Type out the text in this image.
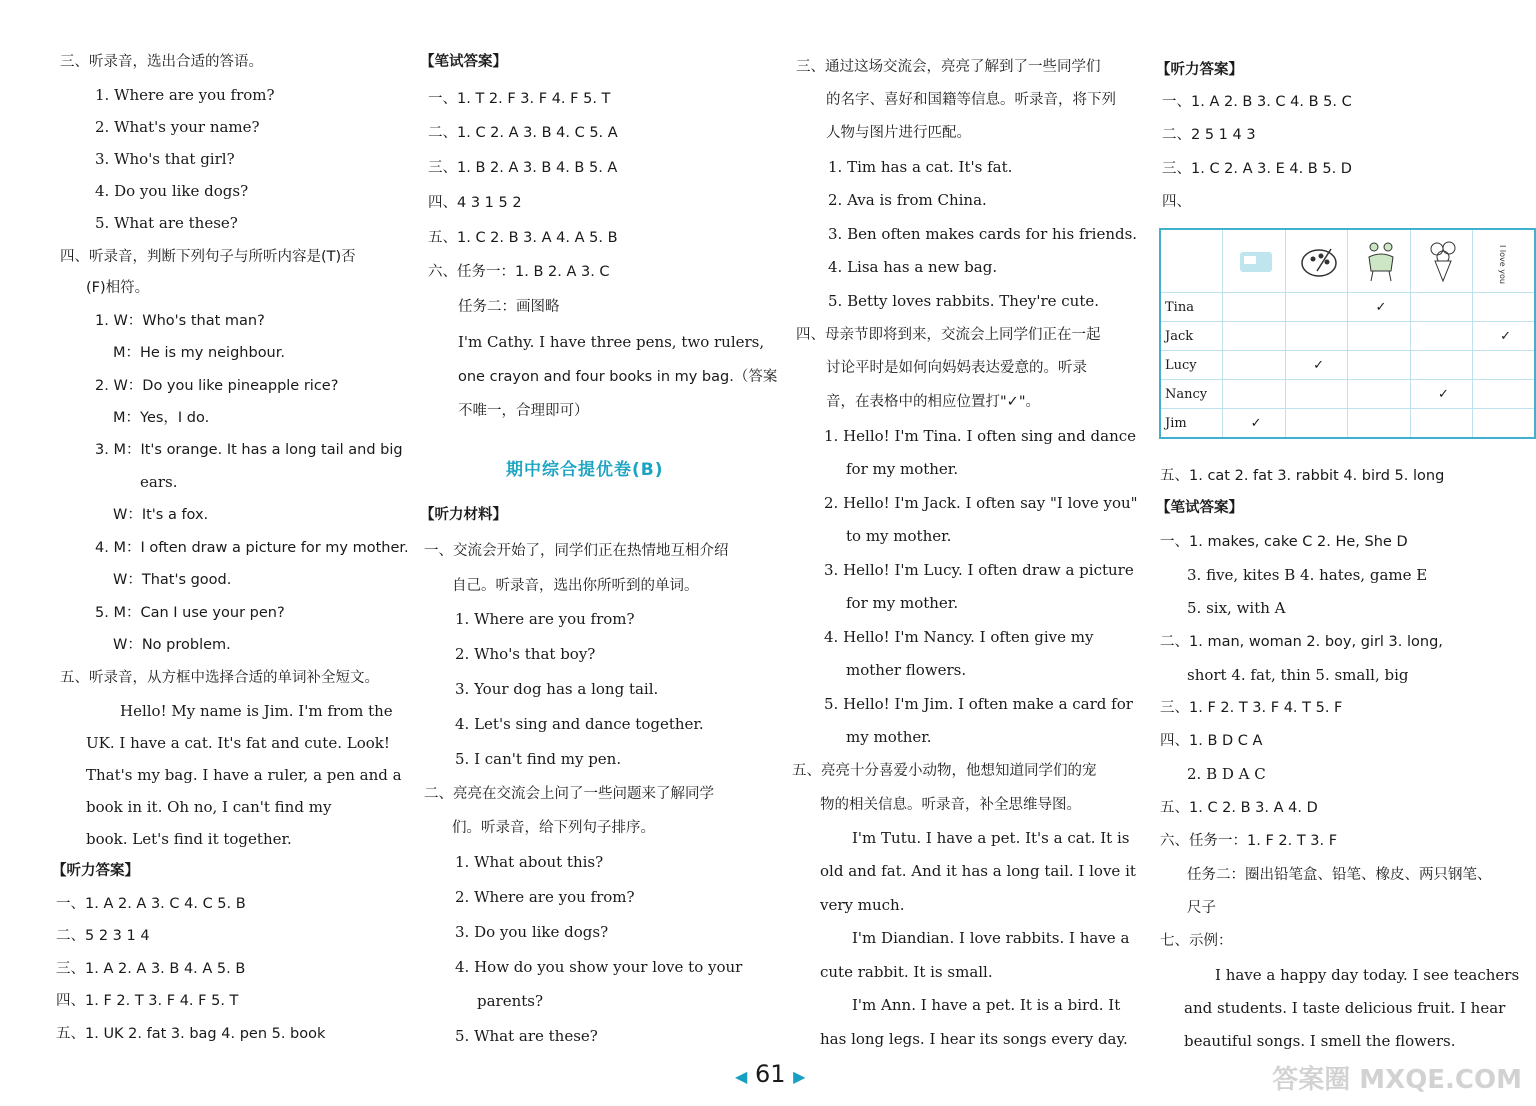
三、听录音，选出合适的答语。
1. Where are you from?
2. What's your name?
3. Who's that girl?
4. Do you like dogs?
5. What are these?
四、听录音，判断下列句子与所听内容是(T)否
(F)相符。
1. W：Who's that man?
M：He is my neighbour.
2. W：Do you like pineapple rice?
M：Yes，I do.
3. M：It's orange. It has a long tail and big
ears.
W：It's a fox.
4. M：I often draw a picture for my mother.
W：That's good.
5. M：Can I use your pen?
W：No problem.
五、听录音，从方框中选择合适的单词补全短文。
Hello! My name is Jim. I'm from the
UK. I have a cat. It's fat and cute. Look!
That's my bag. I have a ruler, a pen and a
book in it. Oh no, I can't find my
book. Let's find it together.
【听力答案】
一、1. A 2. A 3. C 4. C 5. B
二、5 2 3 1 4
三、1. A 2. A 3. B 4. A 5. B
四、1. F 2. T 3. F 4. F 5. T
五、1. UK 2. fat 3. bag 4. pen 5. book
【笔试答案】
一、1. T 2. F 3. F 4. F 5. T
二、1. C 2. A 3. B 4. C 5. A
三、1. B 2. A 3. B 4. B 5. A
四、4 3 1 5 2
五、1. C 2. B 3. A 4. A 5. B
六、任务一：1. B 2. A 3. C
任务二：画图略
I'm Cathy. I have three pens, two rulers,
one crayon and four books in my bag.（答案
不唯一，合理即可）
【听力材料】
一、交流会开始了，同学们正在热情地互相介绍
自己。听录音，选出你所听到的单词。
1. Where are you from?
2. Who's that boy?
3. Your dog has a long tail.
4. Let's sing and dance together.
5. I can't find my pen.
二、亮亮在交流会上问了一些问题来了解同学
们。听录音，给下列句子排序。
1. What about this?
2. Where are you from?
3. Do you like dogs?
4. How do you show your love to your
parents?
5. What are these?
期中综合提优卷(B)
三、通过这场交流会，亮亮了解到了一些同学们
的名字、喜好和国籍等信息。听录音，将下列
人物与图片进行匹配。
1. Tim has a cat. It's fat.
2. Ava is from China.
3. Ben often makes cards for his friends.
4. Lisa has a new bag.
5. Betty loves rabbits. They're cute.
四、母亲节即将到来，交流会上同学们正在一起
讨论平时是如何向妈妈表达爱意的。听录
音，在表格中的相应位置打"✓"。
1. Hello! I'm Tina. I often sing and dance
for my mother.
2. Hello! I'm Jack. I often say "I love you"
to my mother.
3. Hello! I'm Lucy. I often draw a picture
for my mother.
4. Hello! I'm Nancy. I often give my
mother flowers.
5. Hello! I'm Jim. I often make a card for
my mother.
五、亮亮十分喜爱小动物，他想知道同学们的宠
物的相关信息。听录音，补全思维导图。
I'm Tutu. I have a pet. It's a cat. It is
old and fat. And it has a long tail. I love it
very much.
I'm Diandian. I love rabbits. I have a
cute rabbit. It is small.
I'm Ann. I have a pet. It is a bird. It
has long legs. I hear its songs every day.
【听力答案】
一、1. A 2. B 3. C 4. B 5. C
二、2 5 1 4 3
三、1. C 2. A 3. E 4. B 5. D
四、
五、1. cat 2. fat 3. rabbit 4. bird 5. long
【笔试答案】
一、1. makes, cake C 2. He, She D
3. five, kites B 4. hates, game E
5. six, with A
二、1. man, woman 2. boy, girl 3. long,
short 4. fat, thin 5. small, big
三、1. F 2. T 3. F 4. T 5. F
四、1. B D C A
2. B D A C
五、1. C 2. B 3. A 4. D
六、任务一：1. F 2. T 3. F
任务二：圈出铅笔盒、铅笔、橡皮、两只钢笔、
尺子
七、示例：
I have a happy day today. I see teachers
and students. I taste delicious fruit. I hear
beautiful songs. I smell the flowers.

I love you

Tina			✓		
Jack					✓
Lucy		✓			
Nancy				✓	
Jim	✓				
◀ 61 ▶	答案圈 MXQE.COM
